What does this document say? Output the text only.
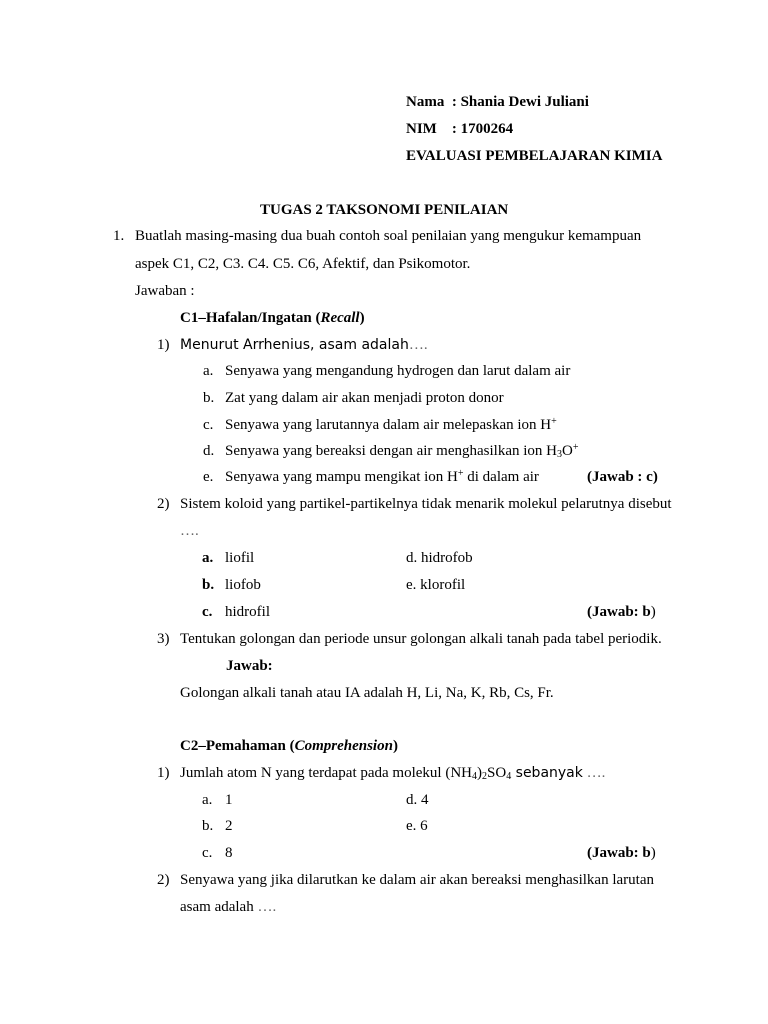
Nama : Shania Dewi Juliani
NIM : 1700264
EVALUASI PEMBELAJARAN KIMIA
TUGAS 2 TAKSONOMI PENILAIAN
1. Buatlah masing-masing dua buah contoh soal penilaian yang mengukur kemampuan
aspek C1, C2, C3. C4. C5. C6, Afektif, dan Psikomotor.
Jawaban :
C1–Hafalan/Ingatan (Recall)
1) Menurut Arrhenius, asam adalah….
a. Senyawa yang mengandung hydrogen dan larut dalam air
b. Zat yang dalam air akan menjadi proton donor
c. Senyawa yang larutannya dalam air melepaskan ion H+
d. Senyawa yang bereaksi dengan air menghasilkan ion $H_3O^+$
e. Senyawa yang mampu mengikat ion H+ di dalam air	(Jawab : c)
2) Sistem koloid yang partikel-partikelnya tidak menarik molekul pelarutnya disebut
….
a. liofil	d. hidrofob
b. liofob	e. klorofil
c. hidrofil	(Jawab: b)
3) Tentukan golongan dan periode unsur golongan alkali tanah pada tabel periodik.
Jawab:
Golongan alkali tanah atau IA adalah H, Li, Na, K, Rb, Cs, Fr.
C2–Pemahaman (Comprehension)
1) Jumlah atom N yang terdapat pada molekul $(NH_4)_2SO_4$ sebanyak ….
a. 1	d. 4
b. 2	e. 6
c. 8	(Jawab: b)
2) Senyawa yang jika dilarutkan ke dalam air akan bereaksi menghasilkan larutan
asam adalah ….
